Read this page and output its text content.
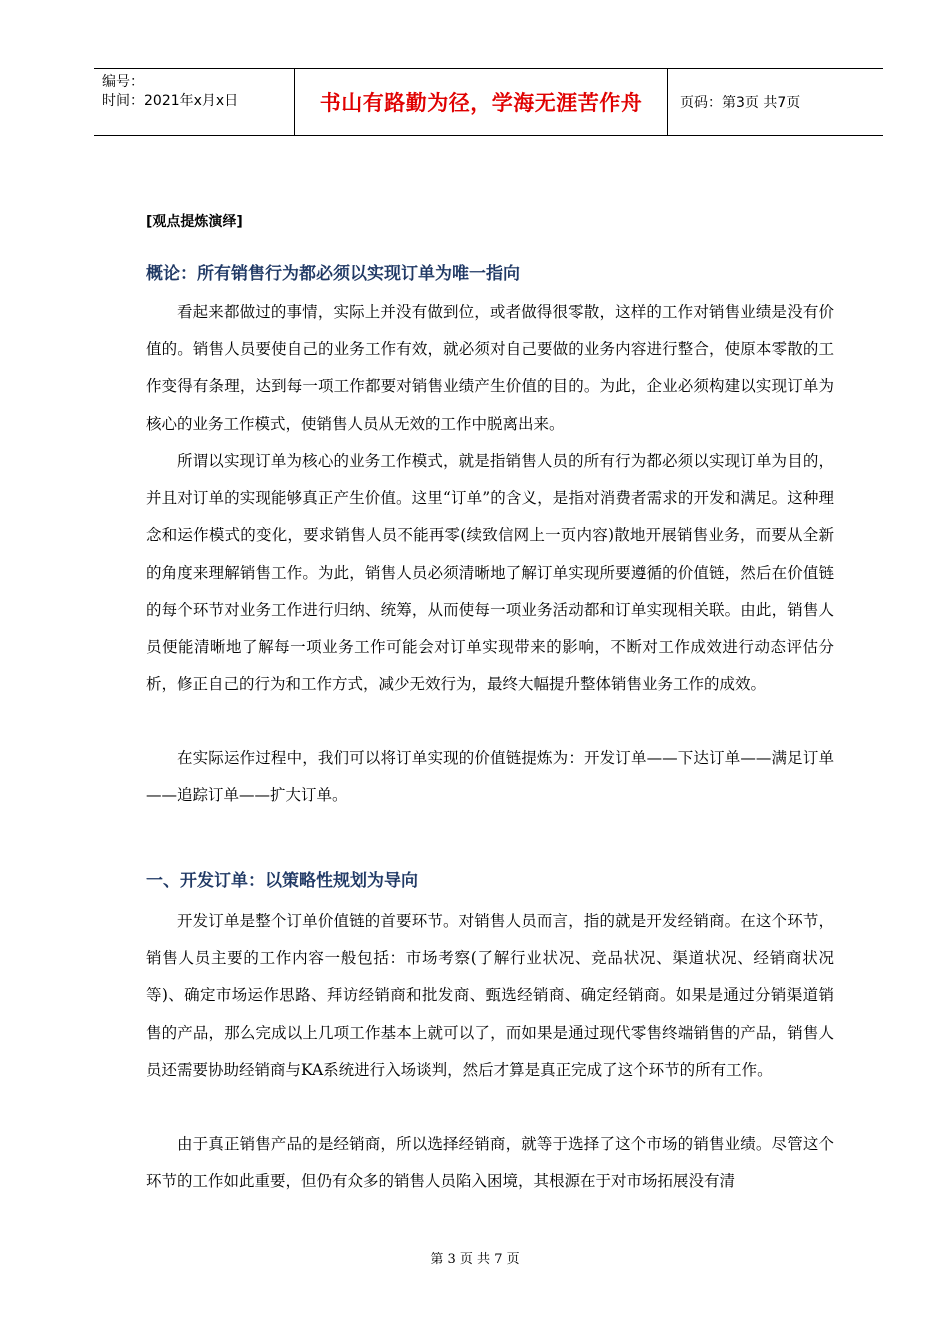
编号：
时间：2021年x月x日	书山有路勤为径，学海无涯苦作舟	页码：第3页 共7页
[观点提炼演绎]
概论：所有销售行为都必须以实现订单为唯一指向

看起来都做过的事情，实际上并没有做到位，或者做得很零散，这样的工作对销售业绩是没有价值的。销售人员要使自己的业务工作有效，就必须对自己要做的业务内容进行整合，使原本零散的工作变得有条理，达到每一项工作都要对销售业绩产生价值的目的。为此，企业必须构建以实现订单为核心的业务工作模式，使销售人员从无效的工作中脱离出来。

所谓以实现订单为核心的业务工作模式，就是指销售人员的所有行为都必须以实现订单为目的，并且对订单的实现能够真正产生价值。这里“订单”的含义，是指对消费者需求的开发和满足。这种理念和运作模式的变化，要求销售人员不能再零(续致信网上一页内容)散地开展销售业务，而要从全新的角度来理解销售工作。为此，销售人员必须清晰地了解订单实现所要遵循的价值链，然后在价值链的每个环节对业务工作进行归纳、统筹，从而使每一项业务活动都和订单实现相关联。由此，销售人员便能清晰地了解每一项业务工作可能会对订单实现带来的影响，不断对工作成效进行动态评估分析，修正自己的行为和工作方式，减少无效行为，最终大幅提升整体销售业务工作的成效。

在实际运作过程中，我们可以将订单实现的价值链提炼为：开发订单——下达订单——满足订单——追踪订单——扩大订单。

一、开发订单：以策略性规划为导向

开发订单是整个订单价值链的首要环节。对销售人员而言，指的就是开发经销商。在这个环节，销售人员主要的工作内容一般包括：市场考察(了解行业状况、竞品状况、渠道状况、经销商状况等)、确定市场运作思路、拜访经销商和批发商、甄选经销商、确定经销商。如果是通过分销渠道销售的产品，那么完成以上几项工作基本上就可以了，而如果是通过现代零售终端销售的产品，销售人员还需要协助经销商与KA系统进行入场谈判，然后才算是真正完成了这个环节的所有工作。

由于真正销售产品的是经销商，所以选择经销商，就等于选择了这个市场的销售业绩。尽管这个环节的工作如此重要，但仍有众多的销售人员陷入困境，其根源在于对市场拓展没有清

第 3 页 共 7 页
